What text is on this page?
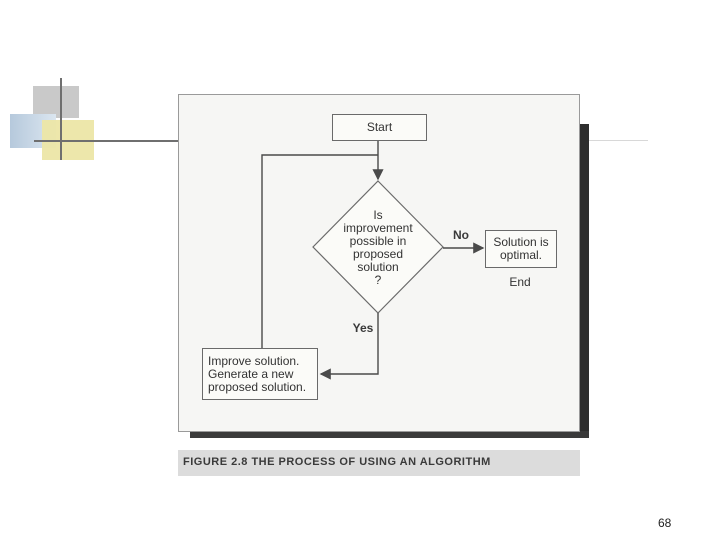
Start
Is
improvement
possible in
proposed
solution
?
No	Solution is
optimal.
End
Yes
Improve solution.
Generate a new
proposed solution.
FIGURE 2.8 THE PROCESS OF USING AN ALGORITHM
68
